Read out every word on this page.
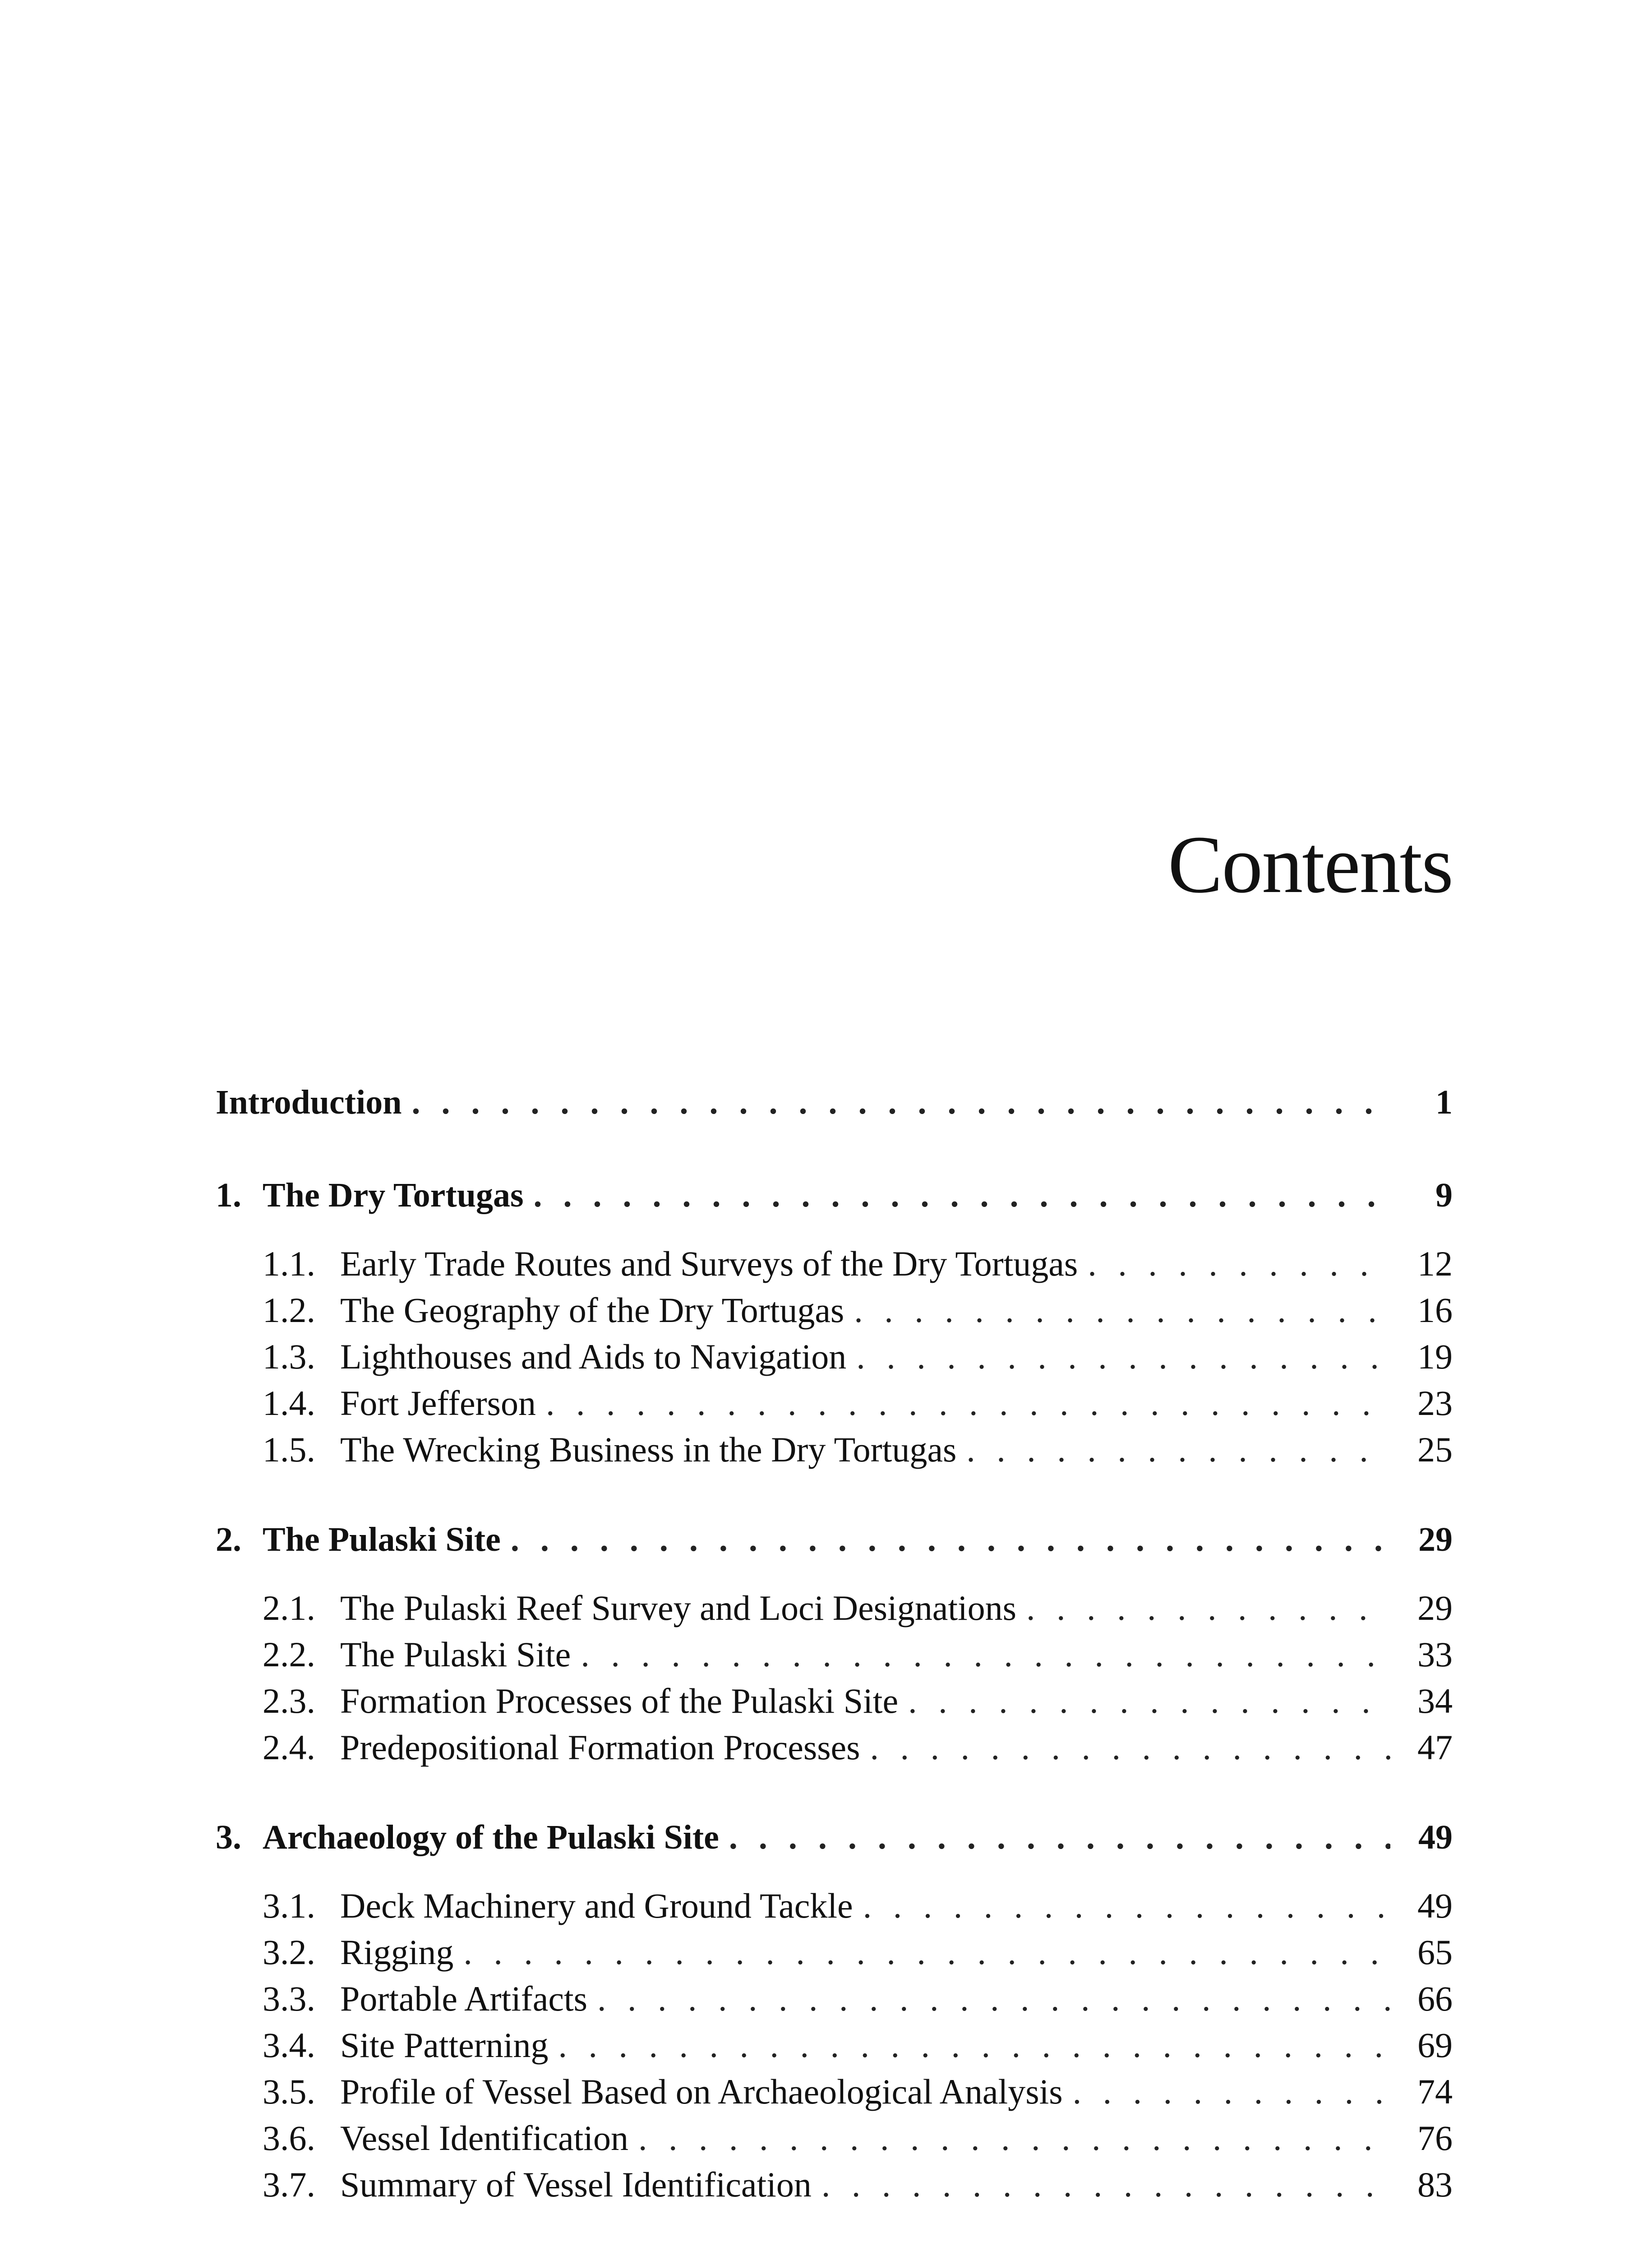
Contents
Introduction . . .	1
1. The Dry Tortugas . . .	9
1.1. Early Trade Routes and Surveys of the Dry Tortugas . . .	12
1.2. The Geography of the Dry Tortugas . . .	16
1.3. Lighthouses and Aids to Navigation . . .	19
1.4. Fort Jefferson . . .	23
1.5. The Wrecking Business in the Dry Tortugas . . .	25
2. The Pulaski Site . . .	29
2.1. The Pulaski Reef Survey and Loci Designations . . .	29
2.2. The Pulaski Site . . .	33
2.3. Formation Processes of the Pulaski Site . . .	34
2.4. Predepositional Formation Processes . . .	47
3. Archaeology of the Pulaski Site . . .	49
3.1. Deck Machinery and Ground Tackle . . .	49
3.2. Rigging . . .	65
3.3. Portable Artifacts . . .	66
3.4. Site Patterning . . .	69
3.5. Profile of Vessel Based on Archaeological Analysis . . .	74
3.6. Vessel Identification . . .	76
3.7. Summary of Vessel Identification . . .	83
